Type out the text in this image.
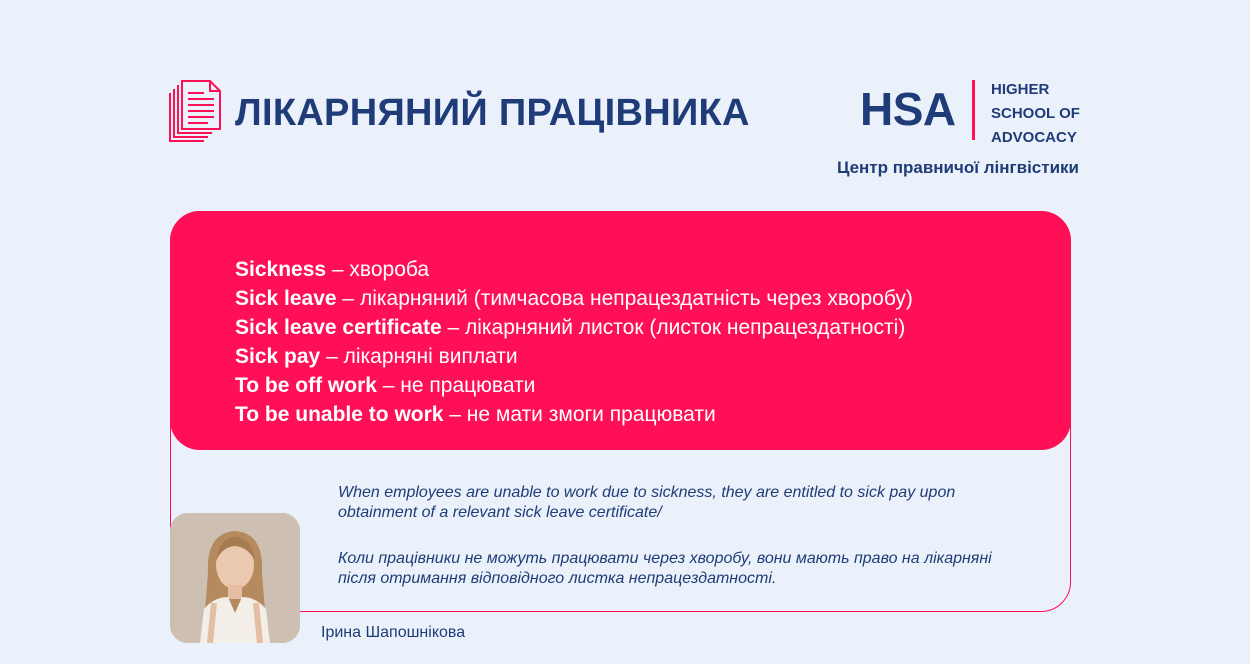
ЛІКАРНЯНИЙ ПРАЦІВНИКА HSA HIGHER
SCHOOL OF
ADVOCACY
Центр правничої лінгвістики
Sickness – хвороба
Sick leave – лікарняний (тимчасова непрацездатність через хворобу)
Sick leave certificate – лікарняний листок (листок непрацездатності)
Sick pay – лікарняні виплати
To be off work – не працювати
To be unable to work – не мати змоги працювати

When employees are unable to work due to sickness, they are entitled to sick pay upon obtainment of a relevant sick leave certificate/

Коли працівники не можуть працювати через хворобу, вони мають право на лікарняні після отримання відповідного листка непрацездатності.

Ірина Шапошнікова
